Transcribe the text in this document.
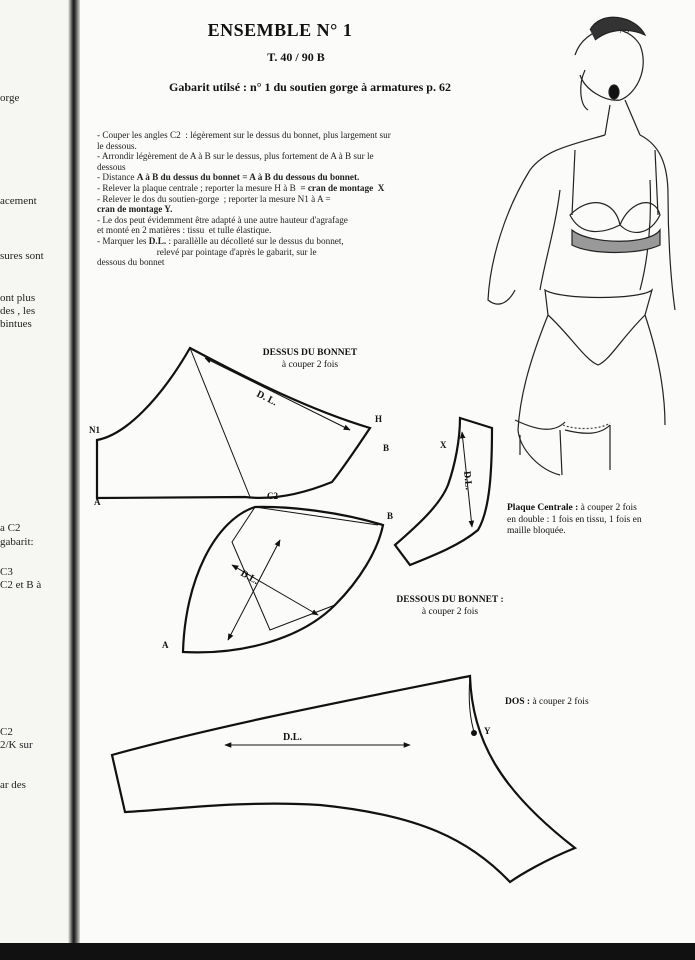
orge
acement
sures sont
ont plus
des , les
bintues
a C2
gabarit:
C3
C2 et B à
C2
2/K sur
ar des
ENSEMBLE N° 1
T. 40 / 90 B
Gabarit utilsé : n° 1 du soutien gorge à armatures p. 62
- Couper les angles C2  : légèrement sur le dessus du bonnet, plus largement sur
le dessous.
- Arrondir légèrement de A à B sur le dessus, plus fortement de A à B sur le
dessous
- Distance A à B du dessus du bonnet = A à B du dessous du bonnet.
- Relever la plaque centrale ; reporter la mesure H à B  = cran de montage  X
- Relever le dos du soutien-gorge  ; reporter la mesure N1 à A =
cran de montage Y.
- Le dos peut évidemment être adapté à une autre hauteur d'agrafage
et monté en 2 matières : tissu  et tulle élastique.
- Marquer les D.L. : parallèlle au décolleté sur le dessus du bonnet,
relevé par pointage d'après le gabarit, sur le
dessous du bonnet
N1
A
C2
H
B
B
A
X
Y
D. L.
D.L.
D.L.
D.L.
DESSUS DU BONNET
à couper 2 fois
DESSOUS DU BONNET :
à couper 2 fois
Plaque Centrale : à couper 2 fois en double : 1 fois en tissu, 1 fois en maille bloquée.
DOS : à couper 2 fois
